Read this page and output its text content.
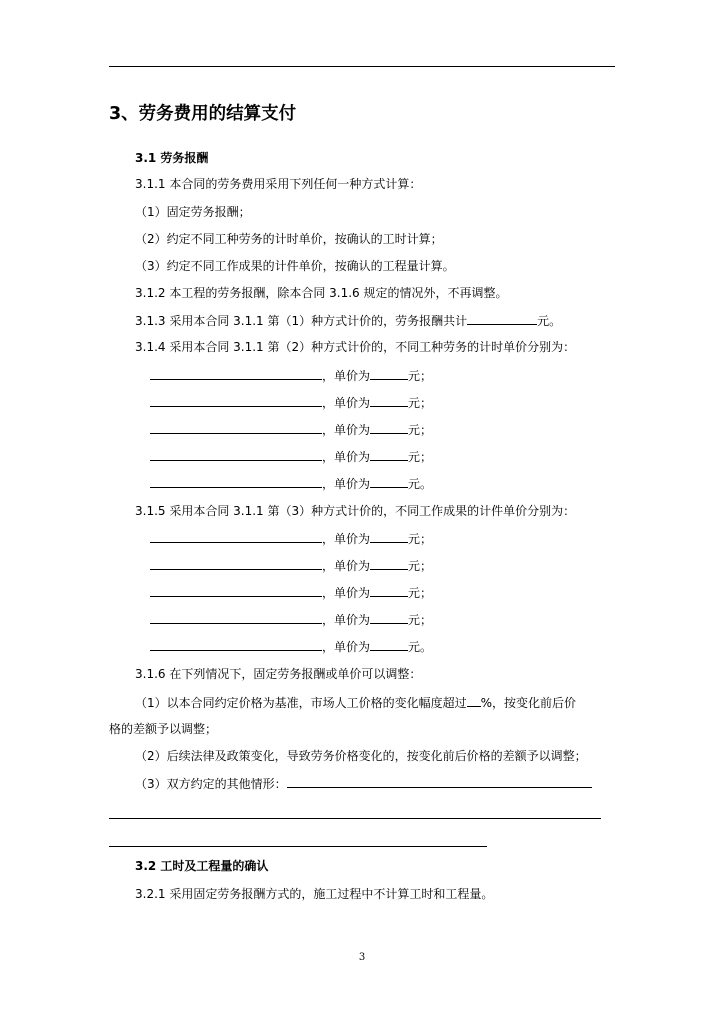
3、劳务费用的结算支付
3.1 劳务报酬
3.1.1 本合同的劳务费用采用下列任何一种方式计算：
（1）固定劳务报酬；
（2）约定不同工种劳务的计时单价，按确认的工时计算；
（3）约定不同工作成果的计件单价，按确认的工程量计算。
3.1.2 本工程的劳务报酬，除本合同 3.1.6 规定的情况外，不再调整。
3.1.3 采用本合同 3.1.1 第（1）种方式计价的，劳务报酬共计	元。
3.1.4 采用本合同 3.1.1 第（2）种方式计价的，不同工种劳务的计时单价分别为：
，单价为	元；
，单价为	元；
，单价为	元；
，单价为	元；
，单价为	元。
3.1.5 采用本合同 3.1.1 第（3）种方式计价的，不同工作成果的计件单价分别为：
，单价为	元；
，单价为	元；
，单价为	元；
，单价为	元；
，单价为	元。
3.1.6 在下列情况下，固定劳务报酬或单价可以调整：
（1）以本合同约定价格为基准，市场人工价格的变化幅度超过 %，按变化前后价
格的差额予以调整；
（2）后续法律及政策变化，导致劳务价格变化的，按变化前后价格的差额予以调整；
（3）双方约定的其他情形：
3.2 工时及工程量的确认
3.2.1 采用固定劳务报酬方式的，施工过程中不计算工时和工程量。
3
